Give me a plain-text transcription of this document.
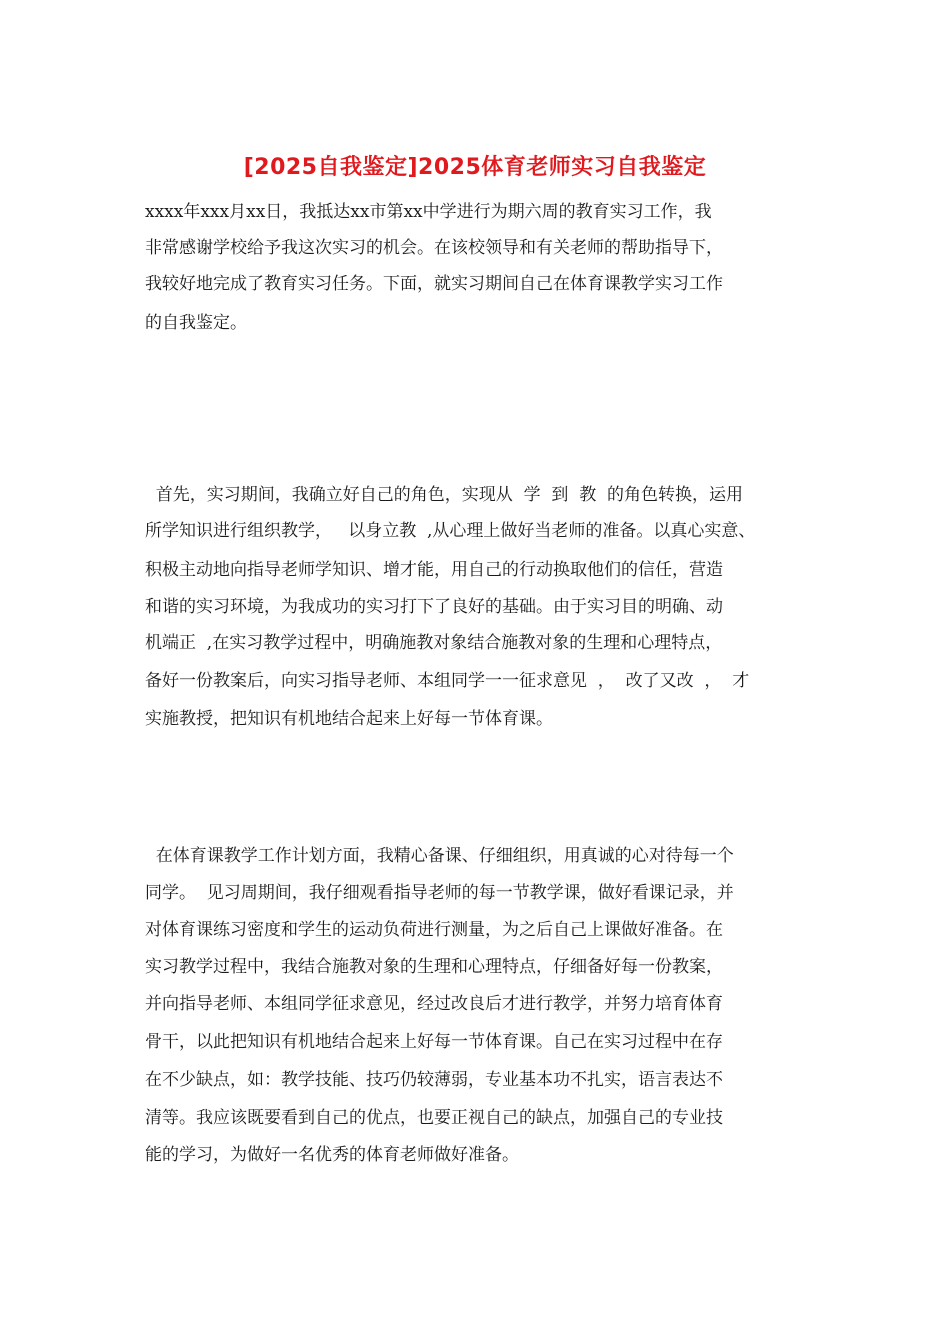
[2025自我鉴定]2025体育老师实习自我鉴定
xxxx年xxx月xx日，我抵达xx市第xx中学进行为期六周的教育实习工作，我
非常感谢学校给予我这次实习的机会。在该校领导和有关老师的帮助指导下，
我较好地完成了教育实习任务。下面，就实习期间自己在体育课教学实习工作
的自我鉴定。
首先，实习期间，我确立好自己的角色，实现从  学  到  教  的角色转换，运用
所学知识进行组织教学，   以身立教  ,从心理上做好当老师的准备。以真心实意、
积极主动地向指导老师学知识、增才能，用自己的行动换取他们的信任，营造
和谐的实习环境，为我成功的实习打下了良好的基础。由于实习目的明确、动
机端正  ,在实习教学过程中，明确施教对象结合施教对象的生理和心理特点，
备好一份教案后，向实习指导老师、本组同学一一征求意见  ，  改了又改  ，  才
实施教授，把知识有机地结合起来上好每一节体育课。
在体育课教学工作计划方面，我精心备课、仔细组织，用真诚的心对待每一个
同学。  见习周期间，我仔细观看指导老师的每一节教学课，做好看课记录，并
对体育课练习密度和学生的运动负荷进行测量，为之后自己上课做好准备。在
实习教学过程中，我结合施教对象的生理和心理特点，仔细备好每一份教案，
并向指导老师、本组同学征求意见，经过改良后才进行教学，并努力培育体育
骨干，以此把知识有机地结合起来上好每一节体育课。自己在实习过程中在存
在不少缺点，如：教学技能、技巧仍较薄弱，专业基本功不扎实，语言表达不
清等。我应该既要看到自己的优点，也要正视自己的缺点，加强自己的专业技
能的学习，为做好一名优秀的体育老师做好准备。
